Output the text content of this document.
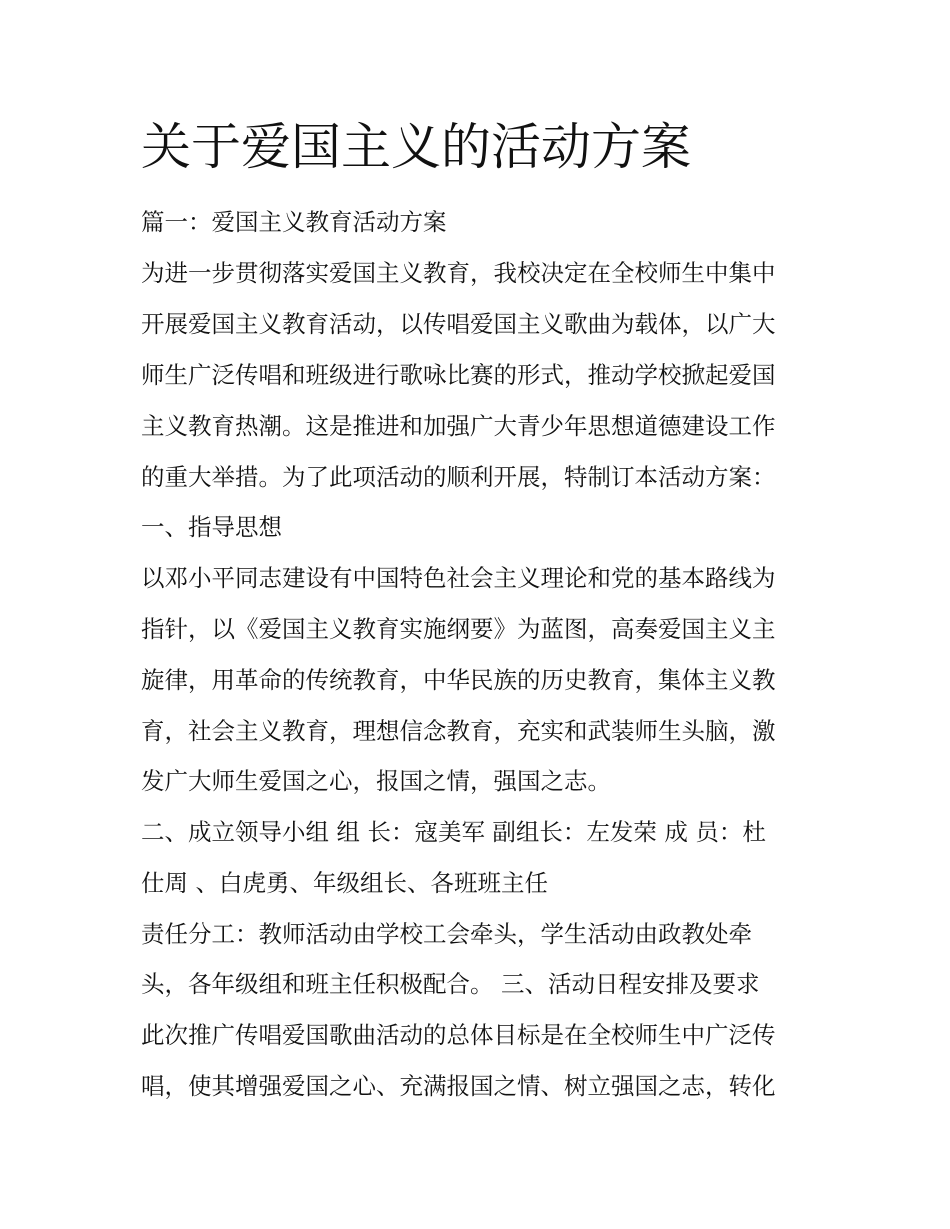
关于爱国主义的活动方案

篇一：爱国主义教育活动方案

为进一步贯彻落实爱国主义教育，我校决定在全校师生中集中

开展爱国主义教育活动，以传唱爱国主义歌曲为载体，以广大

师生广泛传唱和班级进行歌咏比赛的形式，推动学校掀起爱国

主义教育热潮。这是推进和加强广大青少年思想道德建设工作

的重大举措。为了此项活动的顺利开展，特制订本活动方案：

一、指导思想

以邓小平同志建设有中国特色社会主义理论和党的基本路线为

指针，以《爱国主义教育实施纲要》为蓝图，高奏爱国主义主

旋律，用革命的传统教育，中华民族的历史教育，集体主义教

育，社会主义教育，理想信念教育，充实和武装师生头脑，激

发广大师生爱国之心，报国之情，强国之志。

二、成立领导小组 组 长：寇美军 副组长：左发荣 成 员：杜

仕周 、白虎勇、年级组长、各班班主任

责任分工：教师活动由学校工会牵头，学生活动由政教处牵

头，各年级组和班主任积极配合。 三、活动日程安排及要求

此次推广传唱爱国歌曲活动的总体目标是在全校师生中广泛传

唱，使其增强爱国之心、充满报国之情、树立强国之志，转化
